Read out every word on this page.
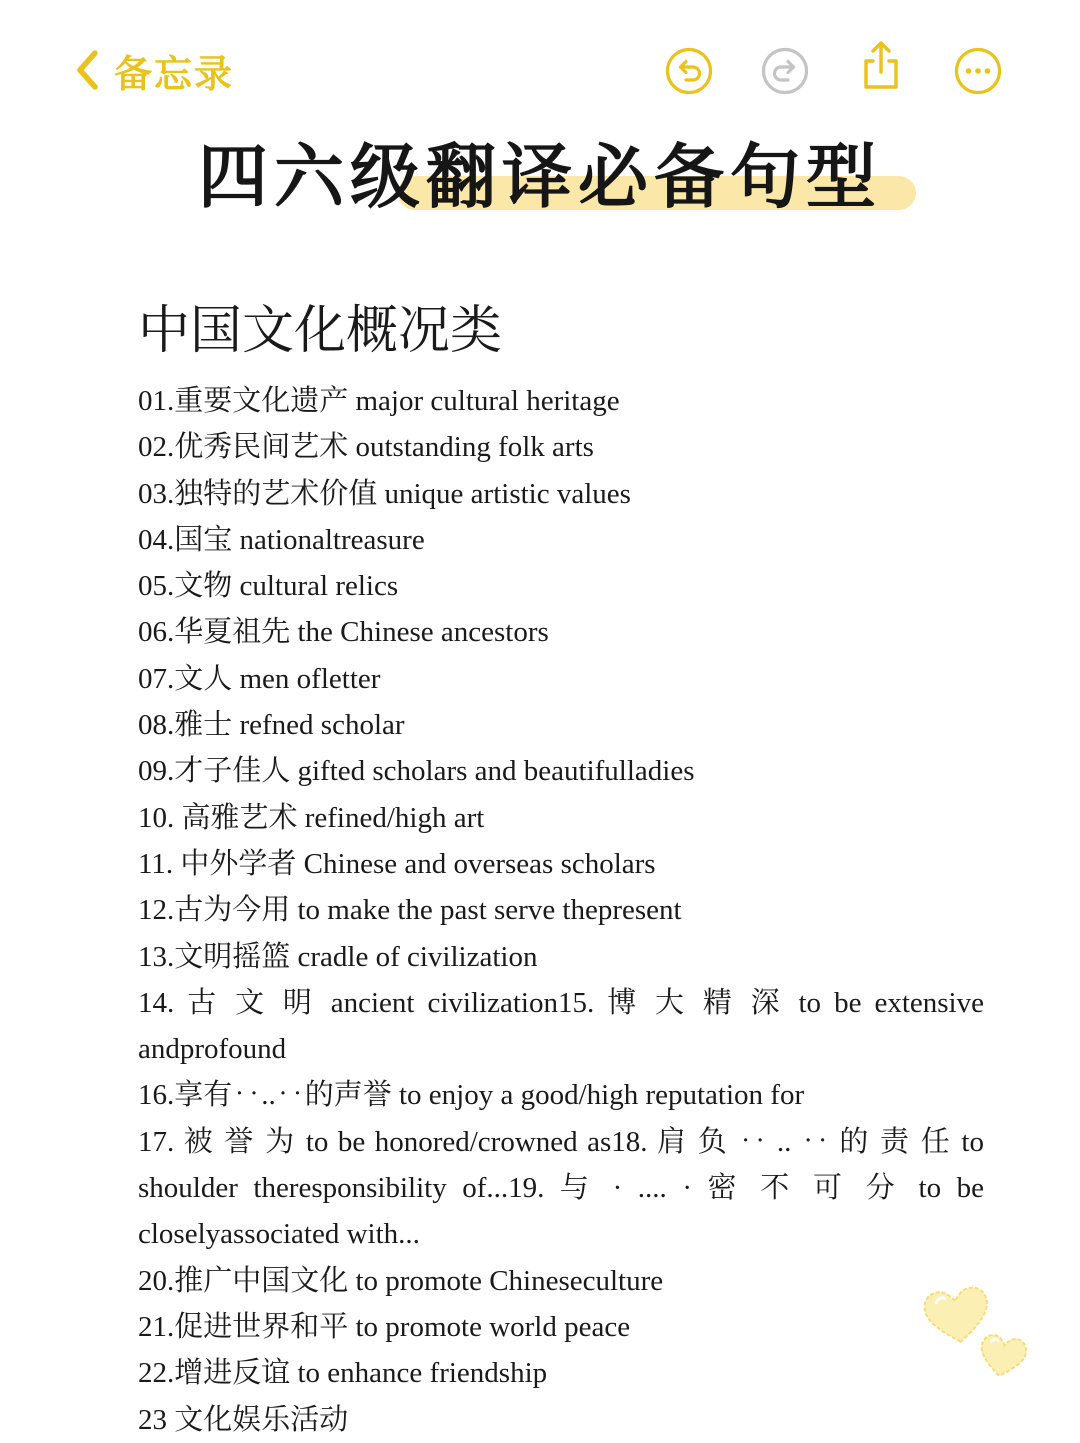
备忘录
四六级翻译必备句型
中国文化概况类
01.重要文化遗产 major cultural heritage
02.优秀民间艺术 outstanding folk arts
03.独特的艺术价值 unique artistic values
04.国宝 nationaltreasure
05.文物 cultural relics
06.华夏祖先 the Chinese ancestors
07.文人 men ofletter
08.雅士 refned scholar
09.才子佳人 gifted scholars and beautifulladies
10. 高雅艺术 refined/high art
11. 中外学者 Chinese and overseas scholars
12.古为今用 to make the past serve thepresent
13.文明摇篮 cradle of civilization
14. 古 文 明 ancient civilization15. 博 大 精 深 to be extensive andprofound
16.享有‥..‥的声誉 to enjoy a good/high reputation for
17. 被 誉 为 to be honored/crowned as18. 肩 负 ‥ .. ‥ 的 责 任 to shoulder theresponsibility of...19. 与 · .... · 密 不 可 分 to be closelyassociated with...
20.推广中国文化 to promote Chineseculture
21.促进世界和平 to promote world peace
22.增进反谊 to enhance friendship
23 文化娱乐活动
